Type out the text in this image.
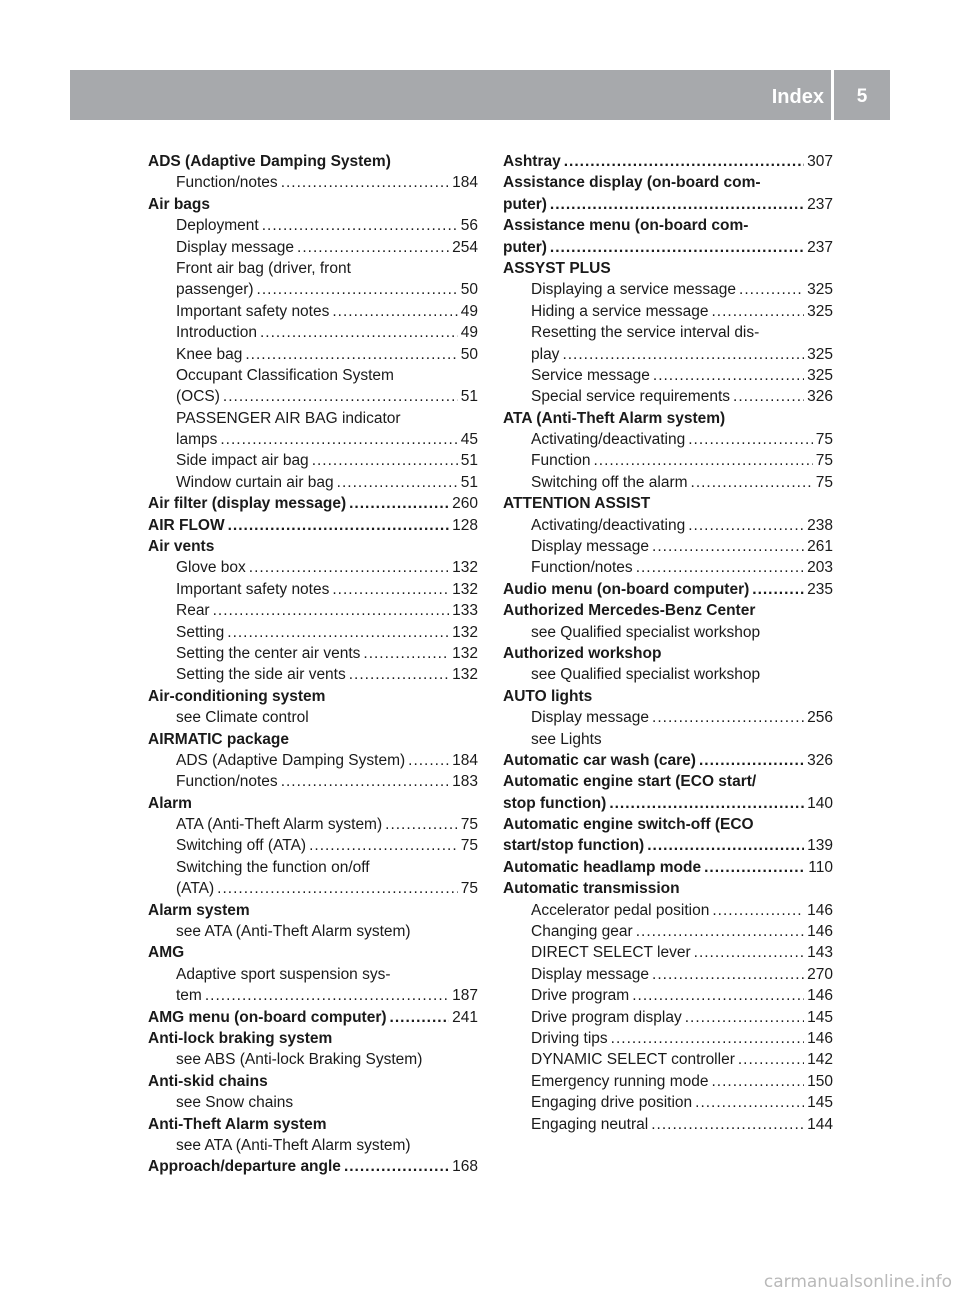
Index	5
ADS (Adaptive Damping System)
Function/notes .....	184
Air bags
Deployment .....	56
Display message .....	254
Front air bag (driver, front
passenger) .....	50
Important safety notes .....	49
Introduction .....	49
Knee bag .....	50
Occupant Classification System
(OCS) .....	51
PASSENGER AIR BAG indicator
lamps .....	45
Side impact air bag .....	51
Window curtain air bag .....	51
Air filter (display message) .....	260
AIR FLOW .....	128
Air vents
Glove box .....	132
Important safety notes .....	132
Rear .....	133
Setting .....	132
Setting the center air vents .....	132
Setting the side air vents .....	132
Air-conditioning system
see Climate control
AIRMATIC package
ADS (Adaptive Damping System) .....	184
Function/notes .....	183
Alarm
ATA (Anti-Theft Alarm system) .....	75
Switching off (ATA) .....	75
Switching the function on/off
(ATA) .....	75
Alarm system
see ATA (Anti-Theft Alarm system)
AMG
Adaptive sport suspension sys-
tem .....	187
AMG menu (on-board computer) .....	241
Anti-lock braking system
see ABS (Anti-lock Braking System)
Anti-skid chains
see Snow chains
Anti-Theft Alarm system
see ATA (Anti-Theft Alarm system)
Approach/departure angle .....	168
Ashtray .....	307
Assistance display (on-board com-
puter) .....	237
Assistance menu (on-board com-
puter) .....	237
ASSYST PLUS
Displaying a service message .....	325
Hiding a service message .....	325
Resetting the service interval dis-
play .....	325
Service message .....	325
Special service requirements .....	326
ATA (Anti-Theft Alarm system)
Activating/deactivating .....	75
Function .....	75
Switching off the alarm .....	75
ATTENTION ASSIST
Activating/deactivating .....	238
Display message .....	261
Function/notes .....	203
Audio menu (on-board computer) .....	235
Authorized Mercedes-Benz Center
see Qualified specialist workshop
Authorized workshop
see Qualified specialist workshop
AUTO lights
Display message .....	256
see Lights
Automatic car wash (care) .....	326
Automatic engine start (ECO start/
stop function) .....	140
Automatic engine switch-off (ECO
start/stop function) .....	139
Automatic headlamp mode .....	110
Automatic transmission
Accelerator pedal position .....	146
Changing gear .....	146
DIRECT SELECT lever .....	143
Display message .....	270
Drive program .....	146
Drive program display .....	145
Driving tips .....	146
DYNAMIC SELECT controller .....	142
Emergency running mode .....	150
Engaging drive position .....	145
Engaging neutral .....	144
carmanualsonline.info
